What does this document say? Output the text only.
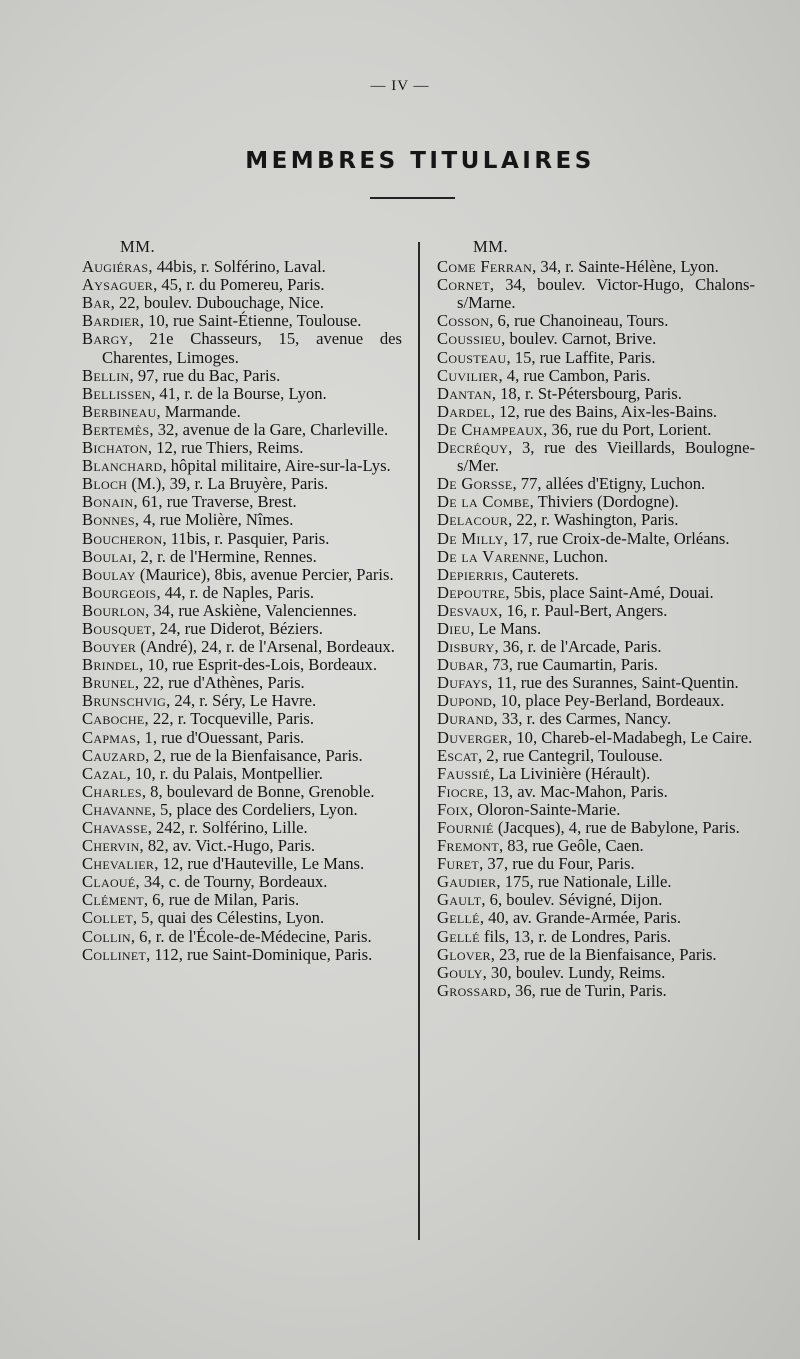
— IV —
MEMBRES TITULAIRES
MM.
Augiéras, 44bis, r. Solférino, Laval.
Aysaguer, 45, r. du Pomereu, Paris.
Bar, 22, boulev. Dubouchage, Nice.
Bardier, 10, rue Saint-Étienne, Toulouse.
Bargy, 21e Chasseurs, 15, avenue des Charentes, Limoges.
Bellin, 97, rue du Bac, Paris.
Bellissen, 41, r. de la Bourse, Lyon.
Berbineau, Marmande.
Bertemès, 32, avenue de la Gare, Charleville.
Bichaton, 12, rue Thiers, Reims.
Blanchard, hôpital militaire, Aire-sur-la-Lys.
Bloch (M.), 39, r. La Bruyère, Paris.
Bonain, 61, rue Traverse, Brest.
Bonnes, 4, rue Molière, Nîmes.
Boucheron, 11bis, r. Pasquier, Paris.
Boulai, 2, r. de l'Hermine, Rennes.
Boulay (Maurice), 8bis, avenue Percier, Paris.
Bourgeois, 44, r. de Naples, Paris.
Bourlon, 34, rue Askiène, Valenciennes.
Bousquet, 24, rue Diderot, Béziers.
Bouyer (André), 24, r. de l'Arsenal, Bordeaux.
Brindel, 10, rue Esprit-des-Lois, Bordeaux.
Brunel, 22, rue d'Athènes, Paris.
Brunschvig, 24, r. Séry, Le Havre.
Caboche, 22, r. Tocqueville, Paris.
Capmas, 1, rue d'Ouessant, Paris.
Cauzard, 2, rue de la Bienfaisance, Paris.
Cazal, 10, r. du Palais, Montpellier.
Charles, 8, boulevard de Bonne, Grenoble.
Chavanne, 5, place des Cordeliers, Lyon.
Chavasse, 242, r. Solférino, Lille.
Chervin, 82, av. Vict.-Hugo, Paris.
Chevalier, 12, rue d'Hauteville, Le Mans.
Claoué, 34, c. de Tourny, Bordeaux.
Clément, 6, rue de Milan, Paris.
Collet, 5, quai des Célestins, Lyon.
Collin, 6, r. de l'École-de-Médecine, Paris.
Collinet, 112, rue Saint-Dominique, Paris.
MM.
Come Ferran, 34, r. Sainte-Hélène, Lyon.
Cornet, 34, boulev. Victor-Hugo, Chalons-s/Marne.
Cosson, 6, rue Chanoineau, Tours.
Coussieu, boulev. Carnot, Brive.
Cousteau, 15, rue Laffite, Paris.
Cuvilier, 4, rue Cambon, Paris.
Dantan, 18, r. St-Pétersbourg, Paris.
Dardel, 12, rue des Bains, Aix-les-Bains.
De Champeaux, 36, rue du Port, Lorient.
Decréquy, 3, rue des Vieillards, Boulogne-s/Mer.
De Gorsse, 77, allées d'Etigny, Luchon.
De la Combe, Thiviers (Dordogne).
Delacour, 22, r. Washington, Paris.
De Milly, 17, rue Croix-de-Malte, Orléans.
De la Varenne, Luchon.
Depierris, Cauterets.
Depoutre, 5bis, place Saint-Amé, Douai.
Desvaux, 16, r. Paul-Bert, Angers.
Dieu, Le Mans.
Disbury, 36, r. de l'Arcade, Paris.
Dubar, 73, rue Caumartin, Paris.
Dufays, 11, rue des Surannes, Saint-Quentin.
Dupond, 10, place Pey-Berland, Bordeaux.
Durand, 33, r. des Carmes, Nancy.
Duverger, 10, Chareb-el-Madabegh, Le Caire.
Escat, 2, rue Cantegril, Toulouse.
Faussié, La Livinière (Hérault).
Fiocre, 13, av. Mac-Mahon, Paris.
Foix, Oloron-Sainte-Marie.
Fournié (Jacques), 4, rue de Babylone, Paris.
Fremont, 83, rue Geôle, Caen.
Furet, 37, rue du Four, Paris.
Gaudier, 175, rue Nationale, Lille.
Gault, 6, boulev. Sévigné, Dijon.
Gellé, 40, av. Grande-Armée, Paris.
Gellé fils, 13, r. de Londres, Paris.
Glover, 23, rue de la Bienfaisance, Paris.
Gouly, 30, boulev. Lundy, Reims.
Grossard, 36, rue de Turin, Paris.
